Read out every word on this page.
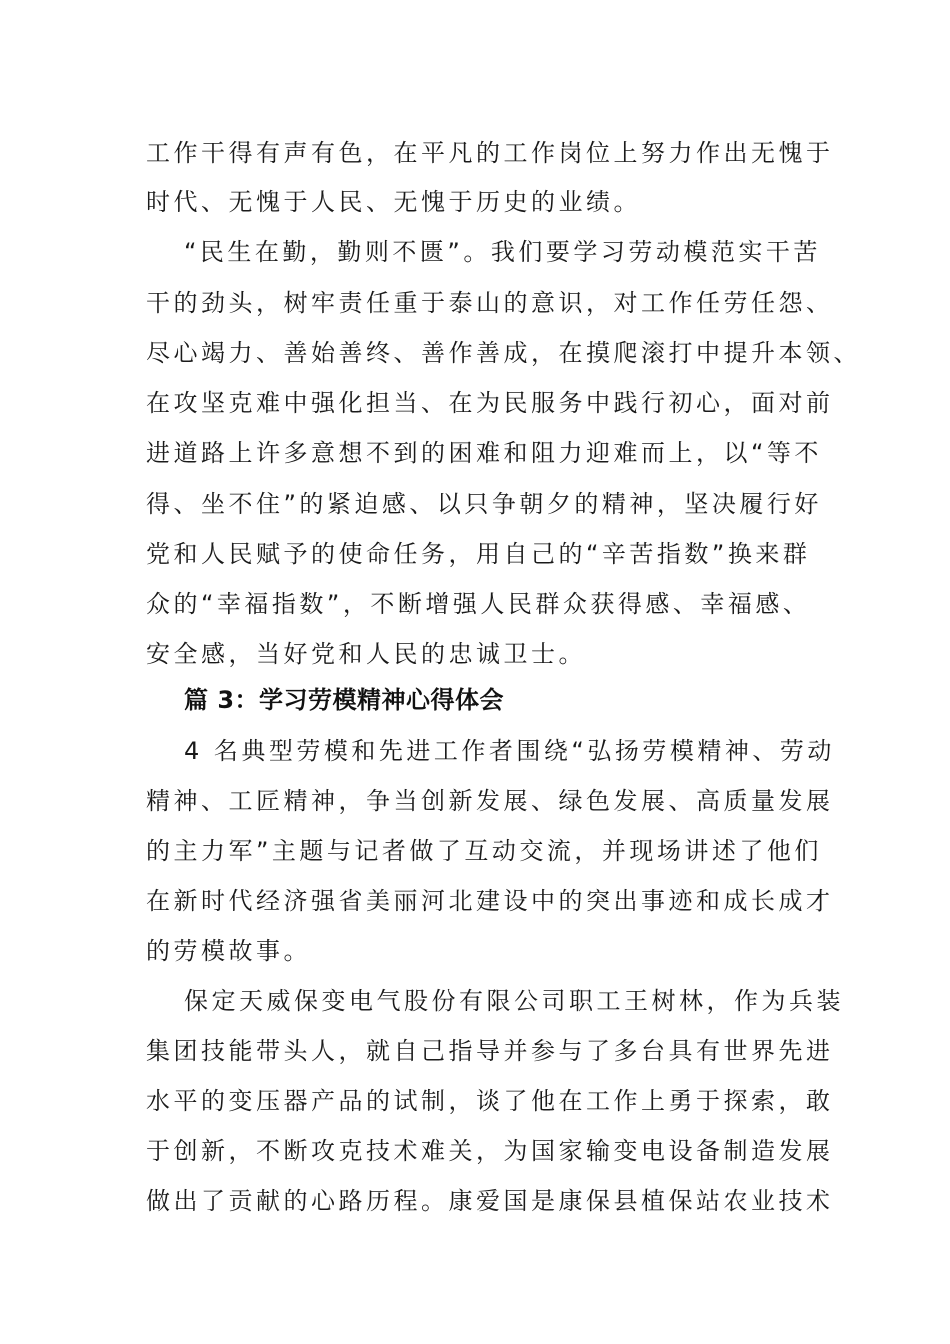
工作干得有声有色，在平凡的工作岗位上努力作出无愧于
时代、无愧于人民、无愧于历史的业绩。
“民生在勤，勤则不匮”。我们要学习劳动模范实干苦
干的劲头，树牢责任重于泰山的意识，对工作任劳任怨、
尽心竭力、善始善终、善作善成，在摸爬滚打中提升本领、
在攻坚克难中强化担当、在为民服务中践行初心，面对前
进道路上许多意想不到的困难和阻力迎难而上，以“等不
得、坐不住”的紧迫感、以只争朝夕的精神，坚决履行好
党和人民赋予的使命任务，用自己的“辛苦指数”换来群
众的“幸福指数”，不断增强人民群众获得感、幸福感、
安全感，当好党和人民的忠诚卫士。
篇 3：学习劳模精神心得体会
4 名典型劳模和先进工作者围绕“弘扬劳模精神、劳动
精神、工匠精神，争当创新发展、绿色发展、高质量发展
的主力军”主题与记者做了互动交流，并现场讲述了他们
在新时代经济强省美丽河北建设中的突出事迹和成长成才
的劳模故事。
保定天威保变电气股份有限公司职工王树林，作为兵装
集团技能带头人，就自己指导并参与了多台具有世界先进
水平的变压器产品的试制，谈了他在工作上勇于探索，敢
于创新，不断攻克技术难关，为国家输变电设备制造发展
做出了贡献的心路历程。康爱国是康保县植保站农业技术
